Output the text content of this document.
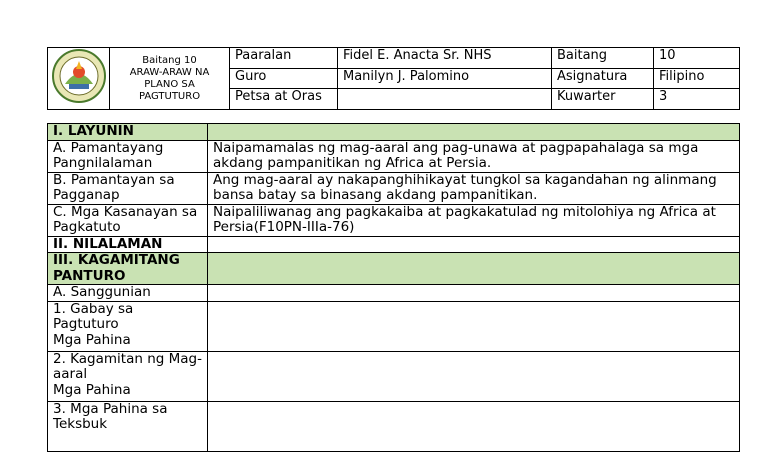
	Baitang 10
ARAW-ARAW NA
PLANO SA
PAGTUTURO	Paaralan	Fidel E. Anacta Sr. NHS	Baitang	10
		Guro	Manilyn J. Palomino	Asignatura	Filipino
		Petsa at Oras		Kuwarter	3
I. LAYUNIN	
A. Pamantayang Pangnilalaman	Naipamamalas ng mag-aaral ang pag-unawa at pagpapahalaga sa mga akdang pampanitikan ng Africa at Persia.
B. Pamantayan sa Pagganap	Ang mag-aaral ay nakapanghihikayat tungkol sa kagandahan ng alinmang bansa batay sa binasang akdang pampanitikan.
C. Mga Kasanayan sa Pagkatuto	Naipaliliwanag ang pagkakaiba at pagkakatulad ng mitolohiya ng Africa at Persia(F10PN-IIIa-76)
II. NILALAMAN	
III. KAGAMITANG PANTURO	
A. Sanggunian	
1. Gabay sa Pagtuturo
Mga Pahina	
2. Kagamitan ng Mag-aaral
Mga Pahina	
3. Mga Pahina sa Teksbuk	
